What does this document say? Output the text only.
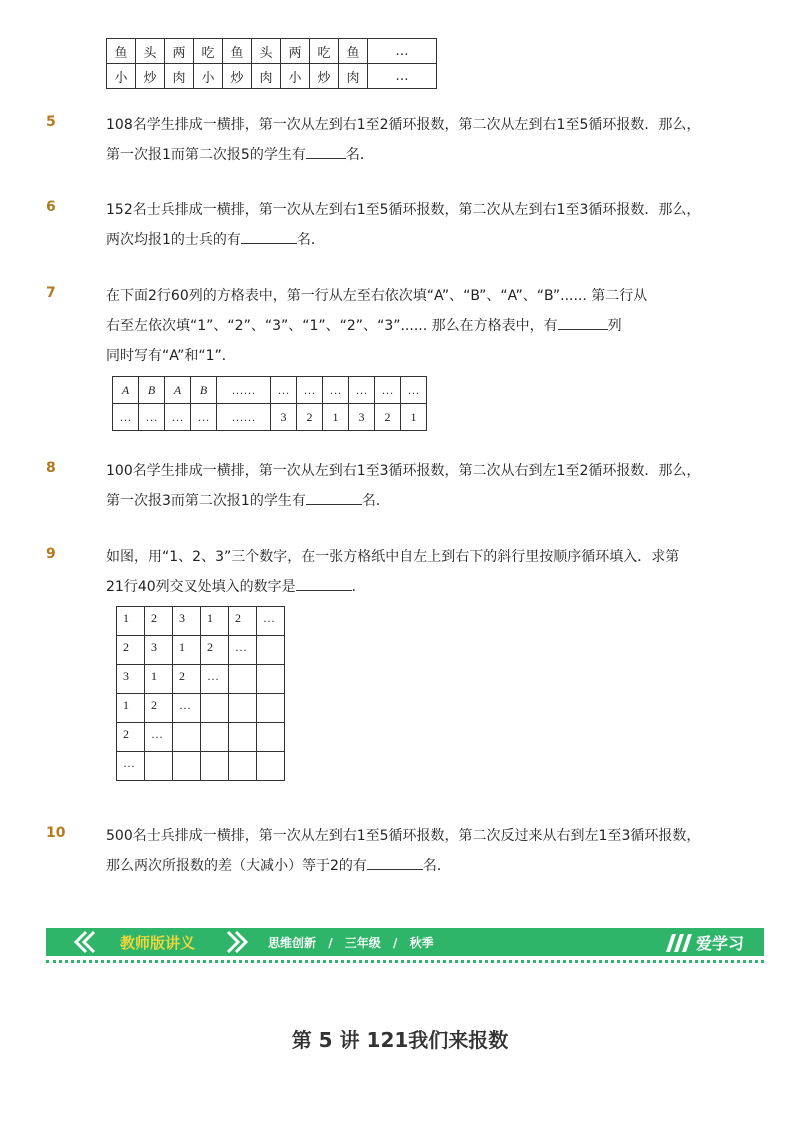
鱼	头	两	吃	鱼	头	两	吃	鱼	…
小	炒	肉	小	炒	肉	小	炒	肉	…
5	108名学生排成一横排，第一次从左到右1至2循环报数，第二次从左到右1至5循环报数．那么，
第一次报1而第二次报5的学生有	名．
6	152名士兵排成一横排，第一次从左到右1至5循环报数，第二次从左到右1至3循环报数．那么，
两次均报1的士兵的有	名．
7	在下面2行60列的方格表中，第一行从左至右依次填“A”、“B”、“A”、“B”...... 第二行从
右至左依次填“1”、“2”、“3”、“1”、“2”、“3”...... 那么在方格表中，有	列
同时写有“A”和“1”．
A	B	A	B	……	…	…	…	…	…	…
…	…	…	…	……	3	2	1	3	2	1
8	100名学生排成一横排，第一次从左到右1至3循环报数，第二次从右到左1至2循环报数．那么，
第一次报3而第二次报1的学生有	名．
9	如图，用“1、2、3”三个数字，在一张方格纸中自左上到右下的斜行里按顺序循环填入．求第
21行40列交叉处填入的数字是	．
1	2	3	1	2	…
2	3	1	2	…	
3	1	2	…		
1	2	…			
2	…				
…					
10	500名士兵排成一横排，第一次从左到右1至5循环报数，第二次反过来从右到左1至3循环报数，
那么两次所报数的差（大减小）等于2的有	名．
教师版讲义	思维创新 / 三年级 / 秋季	爱学习
第 5 讲 121我们来报数
